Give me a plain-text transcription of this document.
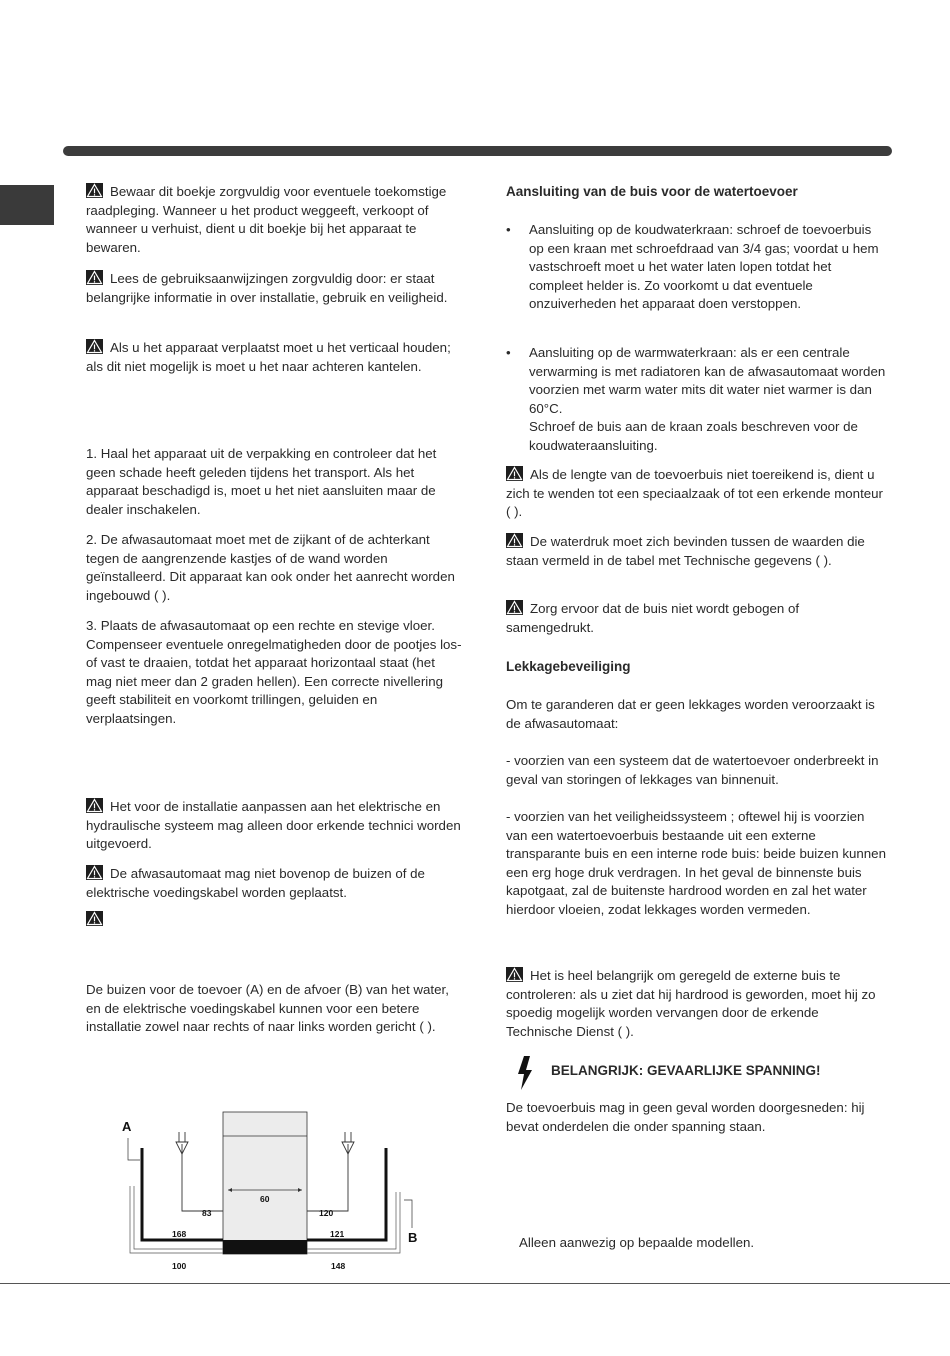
Bewaar dit boekje zorgvuldig voor eventuele toekomstige raadpleging. Wanneer u het product weggeeft, verkoopt of wanneer u verhuist, dient u dit boekje bij het apparaat te bewaren.

Lees de gebruiksaanwijzingen zorgvuldig door: er staat belangrijke informatie in over installatie, gebruik en veiligheid.

Als u het apparaat verplaatst moet u het verticaal houden; als dit niet mogelijk is moet u het naar achteren kantelen.

1. Haal het apparaat uit de verpakking en controleer dat het geen schade heeft geleden tijdens het transport. Als het apparaat beschadigd is, moet u het niet aansluiten maar de dealer inschakelen.

2. De afwasautomaat moet met de zijkant of de achterkant tegen de aangrenzende kastjes of de wand worden geïnstalleerd. Dit apparaat kan ook onder het aanrecht worden ingebouwd ( ).

3. Plaats de afwasautomaat op een rechte en stevige vloer. Compenseer eventuele onregelmatigheden door de pootjes los- of vast te draaien, totdat het apparaat horizontaal staat (het mag niet meer dan 2 graden hellen). Een correcte nivellering geeft stabiliteit en voorkomt trillingen, geluiden en verplaatsingen.

Het voor de installatie aanpassen aan het elektrische en hydraulische systeem mag alleen door erkende technici worden uitgevoerd.

De afwasautomaat mag niet bovenop de buizen of de elektrische voedingskabel worden geplaatst.

De buizen voor de toevoer (A) en de afvoer (B) van het water, en de elektrische voedingskabel kunnen voor een betere installatie zowel naar rechts of naar links worden gericht ( ).

A
B
60
83	120
168	121
100	148

Aansluiting van de buis voor de watertoevoer

• Aansluiting op de koudwaterkraan: schroef de toevoerbuis op een kraan met schroefdraad van 3/4 gas; voordat u hem vastschroeft moet u het water laten lopen totdat het compleet helder is. Zo voorkomt u dat eventuele onzuiverheden het apparaat doen verstoppen.

• Aansluiting op de warmwaterkraan: als er een centrale verwarming is met radiatoren kan de afwasautomaat worden voorzien met warm water mits dit water niet warmer is dan 60°C.
Schroef de buis aan de kraan zoals beschreven voor de koudwateraansluiting.

Als de lengte van de toevoerbuis niet toereikend is, dient u zich te wenden tot een speciaalzaak of tot een erkende monteur ( ).

De waterdruk moet zich bevinden tussen de waarden die staan vermeld in de tabel met Technische gegevens ( ).

Zorg ervoor dat de buis niet wordt gebogen of samengedrukt.

Lekkagebeveiliging

Om te garanderen dat er geen lekkages worden veroorzaakt is de afwasautomaat:

- voorzien van een systeem dat de watertoevoer onderbreekt in geval van storingen of lekkages van binnenuit.

- voorzien van het veiligheidssysteem ; oftewel hij is voorzien van een watertoevoerbuis bestaande uit een externe transparante buis en een interne rode buis: beide buizen kunnen een erg hoge druk verdragen. In het geval de binnenste buis kapotgaat, zal de buitenste hardrood worden en zal het water hierdoor vloeien, zodat lekkages worden vermeden.

Het is heel belangrijk om geregeld de externe buis te controleren: als u ziet dat hij hardrood is geworden, moet hij zo spoedig mogelijk worden vervangen door de erkende Technische Dienst ( ).

BELANGRIJK: GEVAARLIJKE SPANNING!

De toevoerbuis mag in geen geval worden doorgesneden: hij bevat onderdelen die onder spanning staan.

Alleen aanwezig op bepaalde modellen.
